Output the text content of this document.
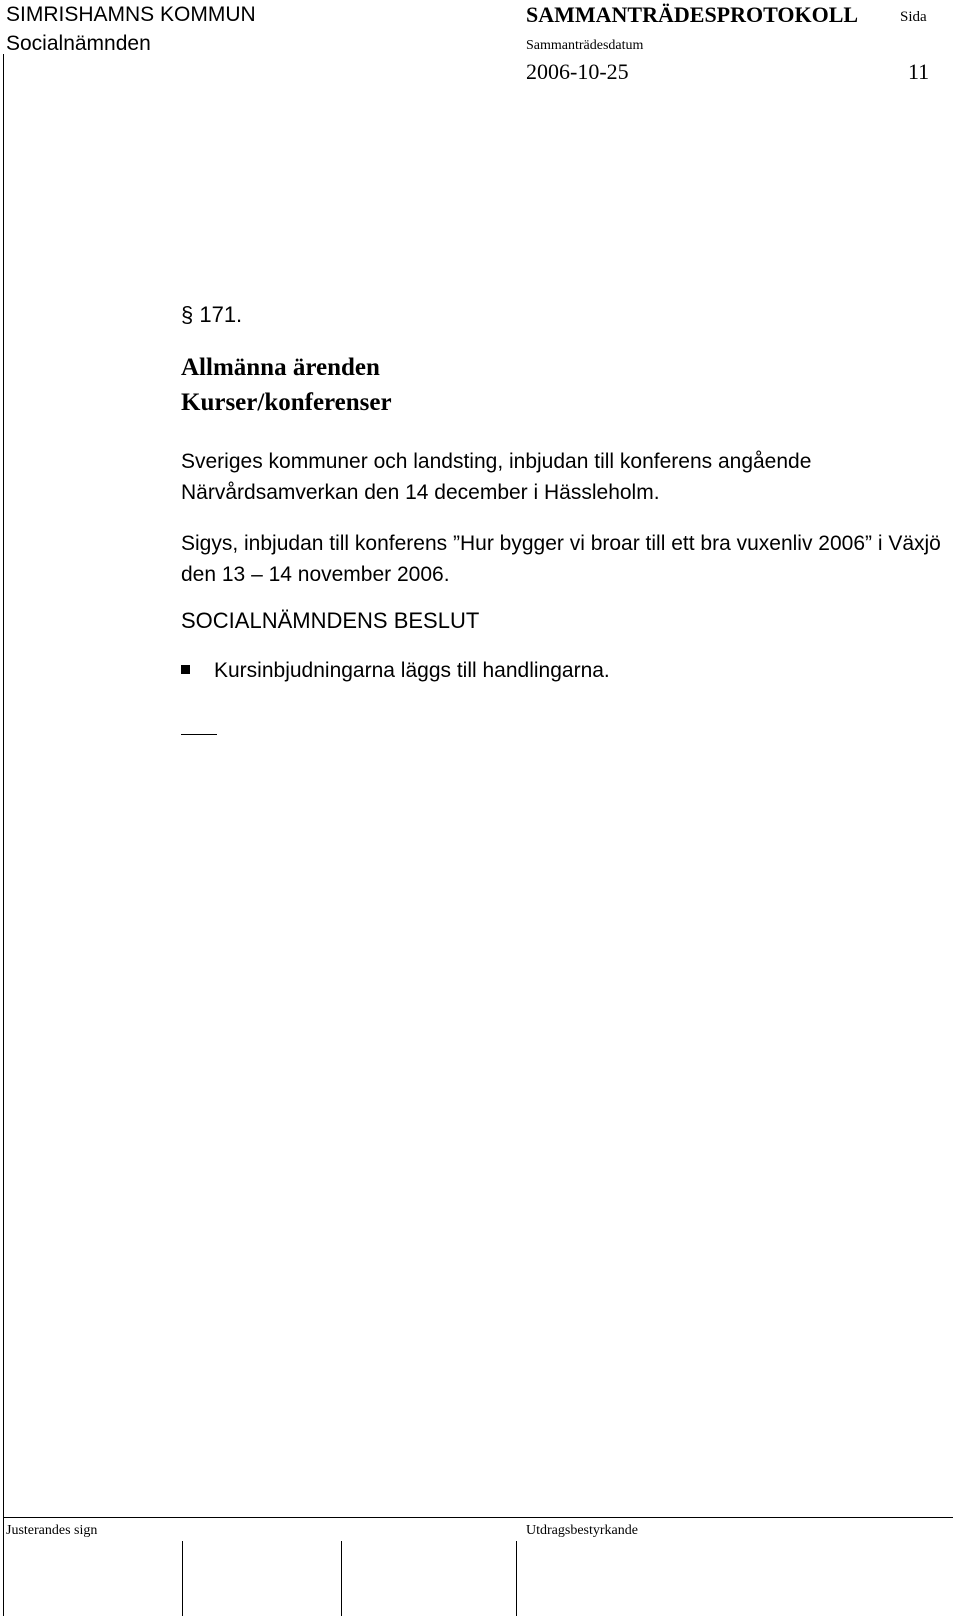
SIMRISHAMNS KOMMUN
Socialnämnden
SAMMANTRÄDESPROTOKOLL	Sida
Sammanträdesdatum
2006-10-25	11
§ 171.
Allmänna ärenden
Kurser/konferenser
Sveriges kommuner och landsting, inbjudan till konferens angående Närvårdsamverkan den 14 december i Hässleholm.
Sigys, inbjudan till konferens ”Hur bygger vi broar till ett bra vuxenliv 2006” i Växjö den 13 – 14 november 2006.
SOCIALNÄMNDENS BESLUT
Kursinbjudningarna läggs till handlingarna.
Justerandes sign	Utdragsbestyrkande
